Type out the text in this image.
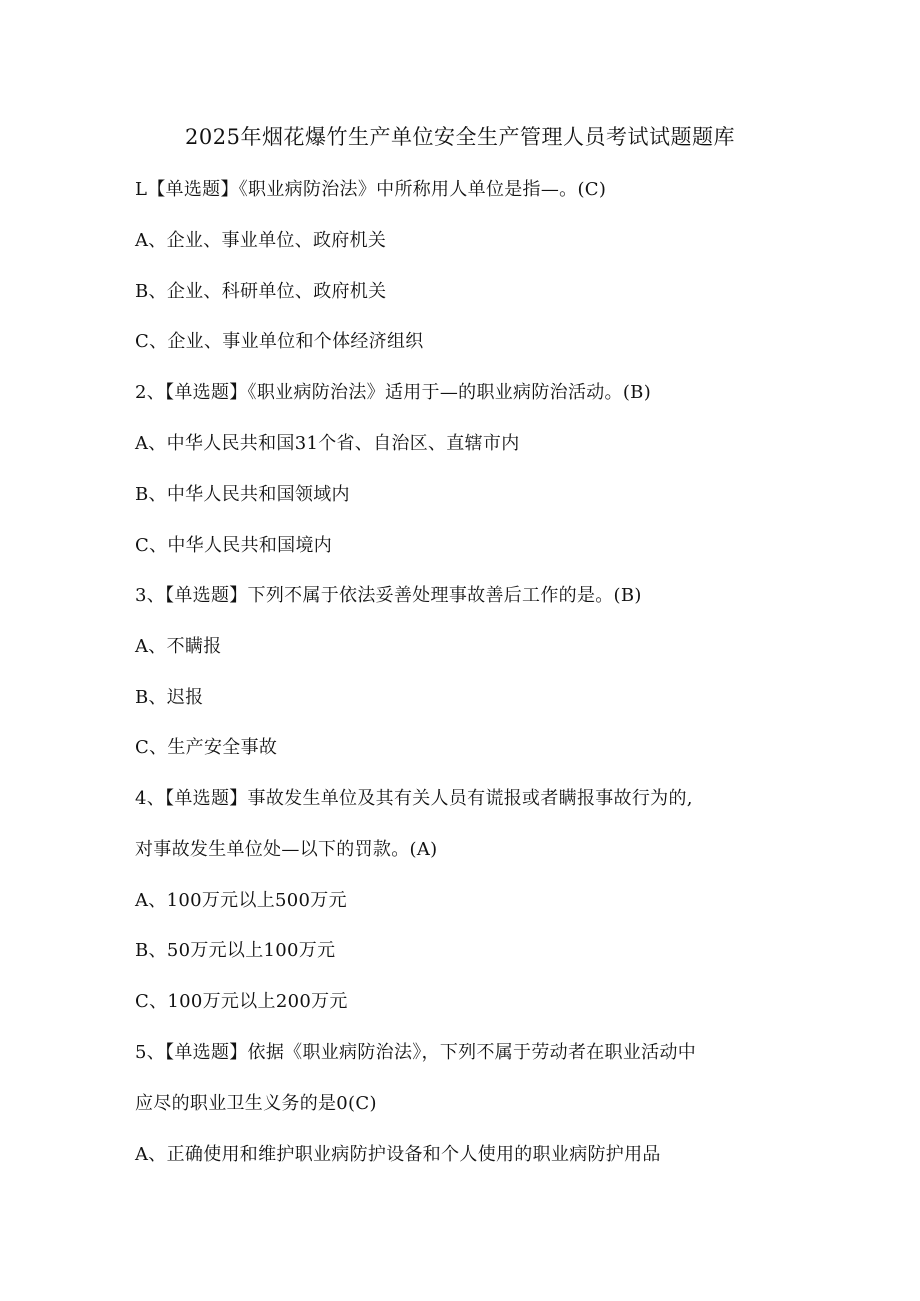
2025年烟花爆竹生产单位安全生产管理人员考试试题题库
L【单选题】《职业病防治法》中所称用人单位是指—。(C)
A、企业、事业单位、政府机关
B、企业、科研单位、政府机关
C、企业、事业单位和个体经济组织
2、【单选题】《职业病防治法》适用于—的职业病防治活动。(B)
A、中华人民共和国31个省、自治区、直辖市内
B、中华人民共和国领域内
C、中华人民共和国境内
3、【单选题】下列不属于依法妥善处理事故善后工作的是。(B)
A、不瞒报
B、迟报
C、生产安全事故
4、【单选题】事故发生单位及其有关人员有谎报或者瞒报事故行为的,
对事故发生单位处—以下的罚款。(A)
A、100万元以上500万元
B、50万元以上100万元
C、100万元以上200万元
5、【单选题】依据《职业病防治法》，下列不属于劳动者在职业活动中
应尽的职业卫生义务的是0(C)
A、正确使用和维护职业病防护设备和个人使用的职业病防护用品
